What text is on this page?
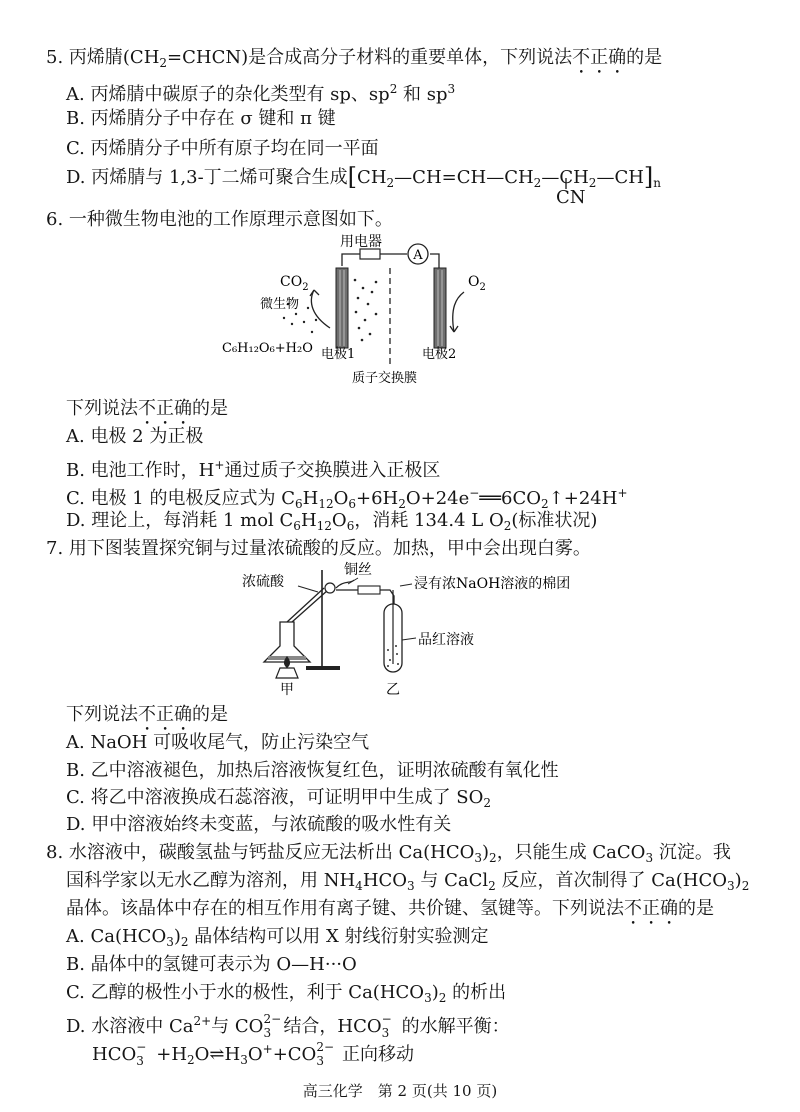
5. 丙烯腈$(CH_2=CHCN)$是合成高分子材料的重要单体，下列说法不正确的是
A. 丙烯腈中碳原子的杂化类型有 sp、$sp^2$ 和 $sp^3$
B. 丙烯腈分子中存在 σ 键和 π 键
C. 丙烯腈分子中所有原子均在同一平面
D. 丙烯腈与 1,3-丁二烯可聚合生成$[CH_2—CH=CH—CH_2—CH_2—CH]_n$
CN
6. 一种微生物电池的工作原理示意图如下。
A
用电器
$CO_2$	$O_2$
微生物
C₆H₁₂O₆+H₂O 电极1	电极2
质子交换膜
下列说法不正确的是
A. 电极 2 为正极
B. 电池工作时，H+通过质子交换膜进入正极区
C. 电极 1 的电极反应式为 $C_6H_{12}O_6+6H_2O+24e^-══6CO_2↑+24H^+$
D. 理论上，每消耗 1 mol $C_6H_{12}O_6$，消耗 134.4 L $O_2$(标准状况)
7. 用下图装置探究铜与过量浓硫酸的反应。加热，甲中会出现白雾。
浓硫酸
铜丝
浸有浓NaOH溶液的棉团
品红溶液
甲	乙
下列说法不正确的是
A. NaOH 可吸收尾气，防止污染空气
B. 乙中溶液褪色，加热后溶液恢复红色，证明浓硫酸有氧化性
C. 将乙中溶液换成石蕊溶液，可证明甲中生成了 $SO_2$
D. 甲中溶液始终未变蓝，与浓硫酸的吸水性有关
8. 水溶液中，碳酸氢盐与钙盐反应无法析出 $Ca(HCO_3)_2$，只能生成 CaCO$_3$ 沉淀。我
国科学家以无水乙醇为溶剂，用 $NH_4HCO_3$ 与 CaCl$_2$ 反应，首次制得了 $Ca(HCO_3)_2$
晶体。该晶体中存在的相互作用有离子键、共价键、氢键等。下列说法不正确的是
A. $Ca(HCO_3)_2$ 晶体结构可以用 X 射线衍射实验测定
B. 晶体中的氢键可表示为 O—H···O
C. 乙醇的极性小于水的极性，利于 $Ca(HCO_3)_2$ 的析出
D. 水溶液中 $Ca^{2+}$与 CO 2−
3 结合，HCO −
3 的水解平衡：
HCO −
$3 +H_2O\rightleftharpoons H_3O^++CO$ 2−
3 正向移动
高三化学　第 2 页(共 10 页)
